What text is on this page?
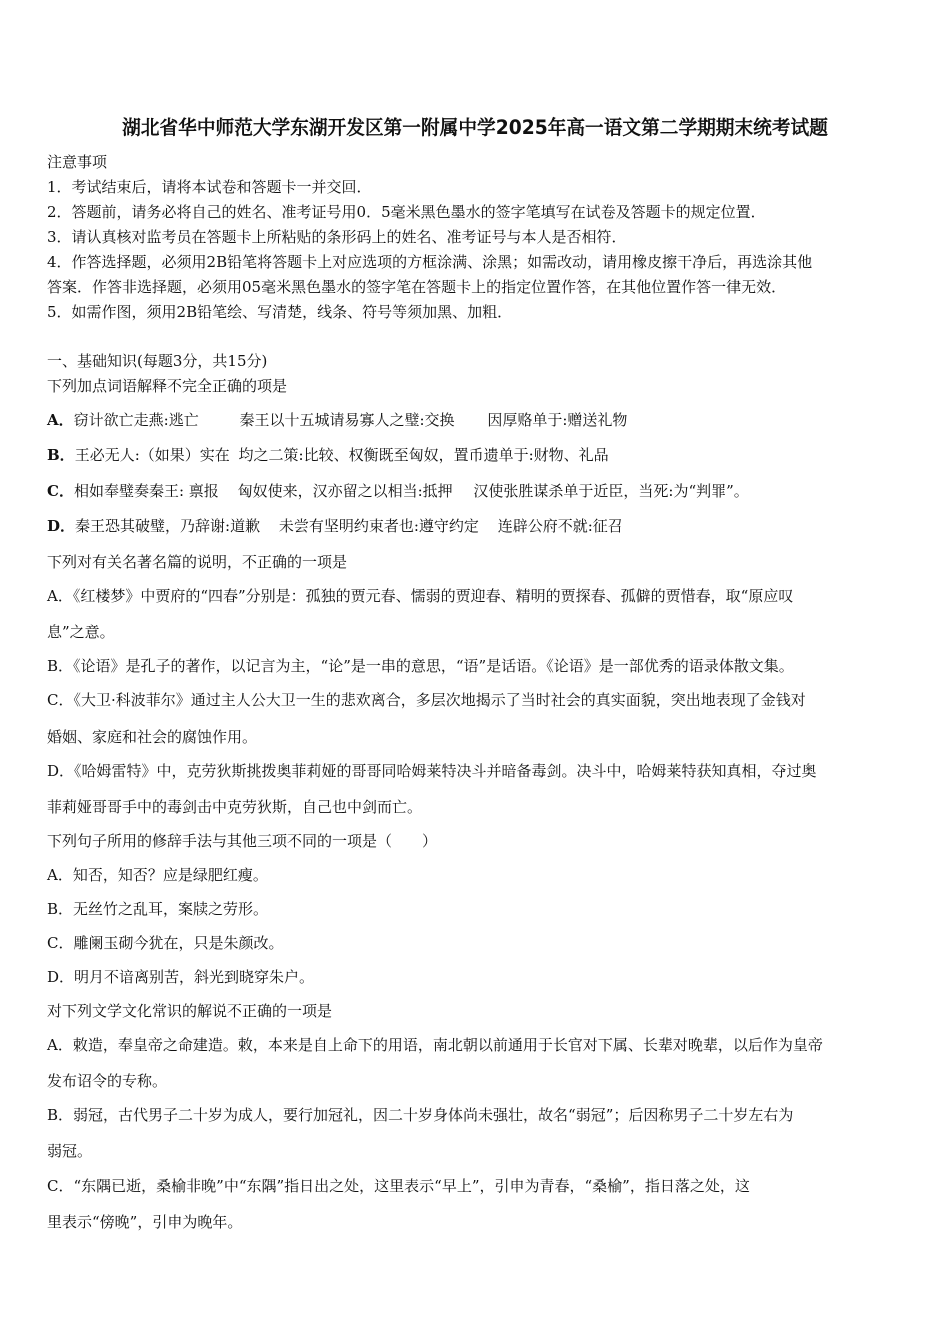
湖北省华中师范大学东湖开发区第一附属中学2025年高一语文第二学期期末统考试题
注意事项
1．考试结束后，请将本试卷和答题卡一并交回．
2．答题前，请务必将自己的姓名、准考证号用0．5毫米黑色墨水的签字笔填写在试卷及答题卡的规定位置．
3．请认真核对监考员在答题卡上所粘贴的条形码上的姓名、准考证号与本人是否相符．
4．作答选择题，必须用2B铅笔将答题卡上对应选项的方框涂满、涂黑；如需改动，请用橡皮擦干净后，再选涂其他
答案．作答非选择题，必须用05毫米黑色墨水的签字笔在答题卡上的指定位置作答，在其他位置作答一律无效．
5．如需作图，须用2B铅笔绘、写清楚，线条、符号等须加黑、加粗．
一、基础知识(每题3分，共15分)
下列加点词语解释不完全正确的项是
A．窃计欲亡走燕:逃亡	秦王以十五城请易寡人之璧:交换 因厚赂单于:赠送礼物
B．王必无人:（如果）实在 均之二策:比较、权衡既至匈奴，置币遗单于:财物、礼品
C．相如奉璧奏秦王: 禀报 匈奴使来，汉亦留之以相当:抵押 汉使张胜谋杀单于近臣，当死:为“判罪”。
D．秦王恐其破璧，乃辞谢:道歉 未尝有坚明约束者也:遵守约定 连辟公府不就:征召
下列对有关名著名篇的说明，不正确的一项是
A．《红楼梦》中贾府的“四春”分别是：孤独的贾元春、懦弱的贾迎春、精明的贾探春、孤僻的贾惜春，取“原应叹
息”之意。
B．《论语》是孔子的著作，以记言为主，“论”是一串的意思，“语”是话语。《论语》是一部优秀的语录体散文集。
C．《大卫·科波菲尔》通过主人公大卫一生的悲欢离合，多层次地揭示了当时社会的真实面貌，突出地表现了金钱对
婚姻、家庭和社会的腐蚀作用。
D．《哈姆雷特》中，克劳狄斯挑拨奥菲莉娅的哥哥同哈姆莱特决斗并暗备毒剑。决斗中，哈姆莱特获知真相，夺过奥
菲莉娅哥哥手中的毒剑击中克劳狄斯，自己也中剑而亡。
下列句子所用的修辞手法与其他三项不同的一项是（　　）
A．知否，知否？应是绿肥红瘦。
B．无丝竹之乱耳，案牍之劳形。
C．雕阑玉砌今犹在，只是朱颜改。
D．明月不谙离别苦，斜光到晓穿朱户。
对下列文学文化常识的解说不正确的一项是
A．敕造，奉皇帝之命建造。敕，本来是自上命下的用语，南北朝以前通用于长官对下属、长辈对晚辈，以后作为皇帝
发布诏令的专称。
B．弱冠，古代男子二十岁为成人，要行加冠礼，因二十岁身体尚未强壮，故名“弱冠”；后因称男子二十岁左右为
弱冠。
C．“东隅已逝，桑榆非晚”中“东隅”指日出之处，这里表示“早上”，引申为青春，“桑榆”，指日落之处，这
里表示“傍晚”，引申为晚年。
